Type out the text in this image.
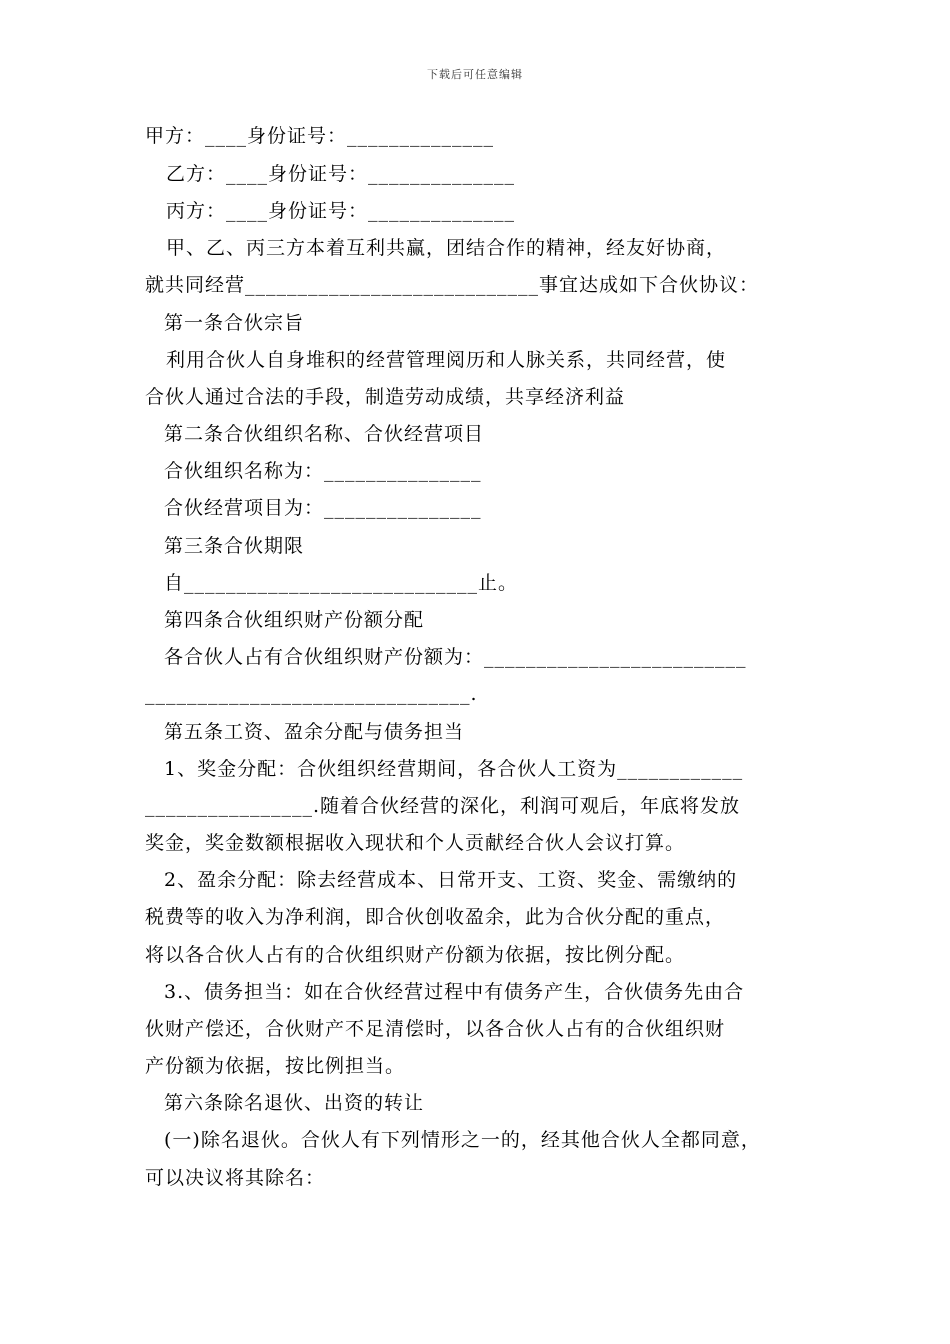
下载后可任意编辑
甲方：____身份证号：______________
乙方：____身份证号：______________
丙方：____身份证号：______________
甲、乙、丙三方本着互利共赢，团结合作的精神，经友好协商，
就共同经营____________________________事宜达成如下合伙协议：
第一条合伙宗旨
利用合伙人自身堆积的经营管理阅历和人脉关系，共同经营，使
合伙人通过合法的手段，制造劳动成绩，共享经济利益
第二条合伙组织名称、合伙经营项目
合伙组织名称为：_______________
合伙经营项目为：_______________
第三条合伙期限
自____________________________止。
第四条合伙组织财产份额分配
各合伙人占有合伙组织财产份额为：_________________________
_______________________________.
第五条工资、盈余分配与债务担当
1、奖金分配：合伙组织经营期间，各合伙人工资为____________
________________.随着合伙经营的深化，利润可观后，年底将发放
奖金，奖金数额根据收入现状和个人贡献经合伙人会议打算。
2、盈余分配：除去经营成本、日常开支、工资、奖金、需缴纳的
税费等的收入为净利润，即合伙创收盈余，此为合伙分配的重点，
将以各合伙人占有的合伙组织财产份额为依据，按比例分配。
3.、债务担当：如在合伙经营过程中有债务产生，合伙债务先由合
伙财产偿还，合伙财产不足清偿时，以各合伙人占有的合伙组织财
产份额为依据，按比例担当。
第六条除名退伙、出资的转让
(一)除名退伙。合伙人有下列情形之一的，经其他合伙人全都同意，
可以决议将其除名：
